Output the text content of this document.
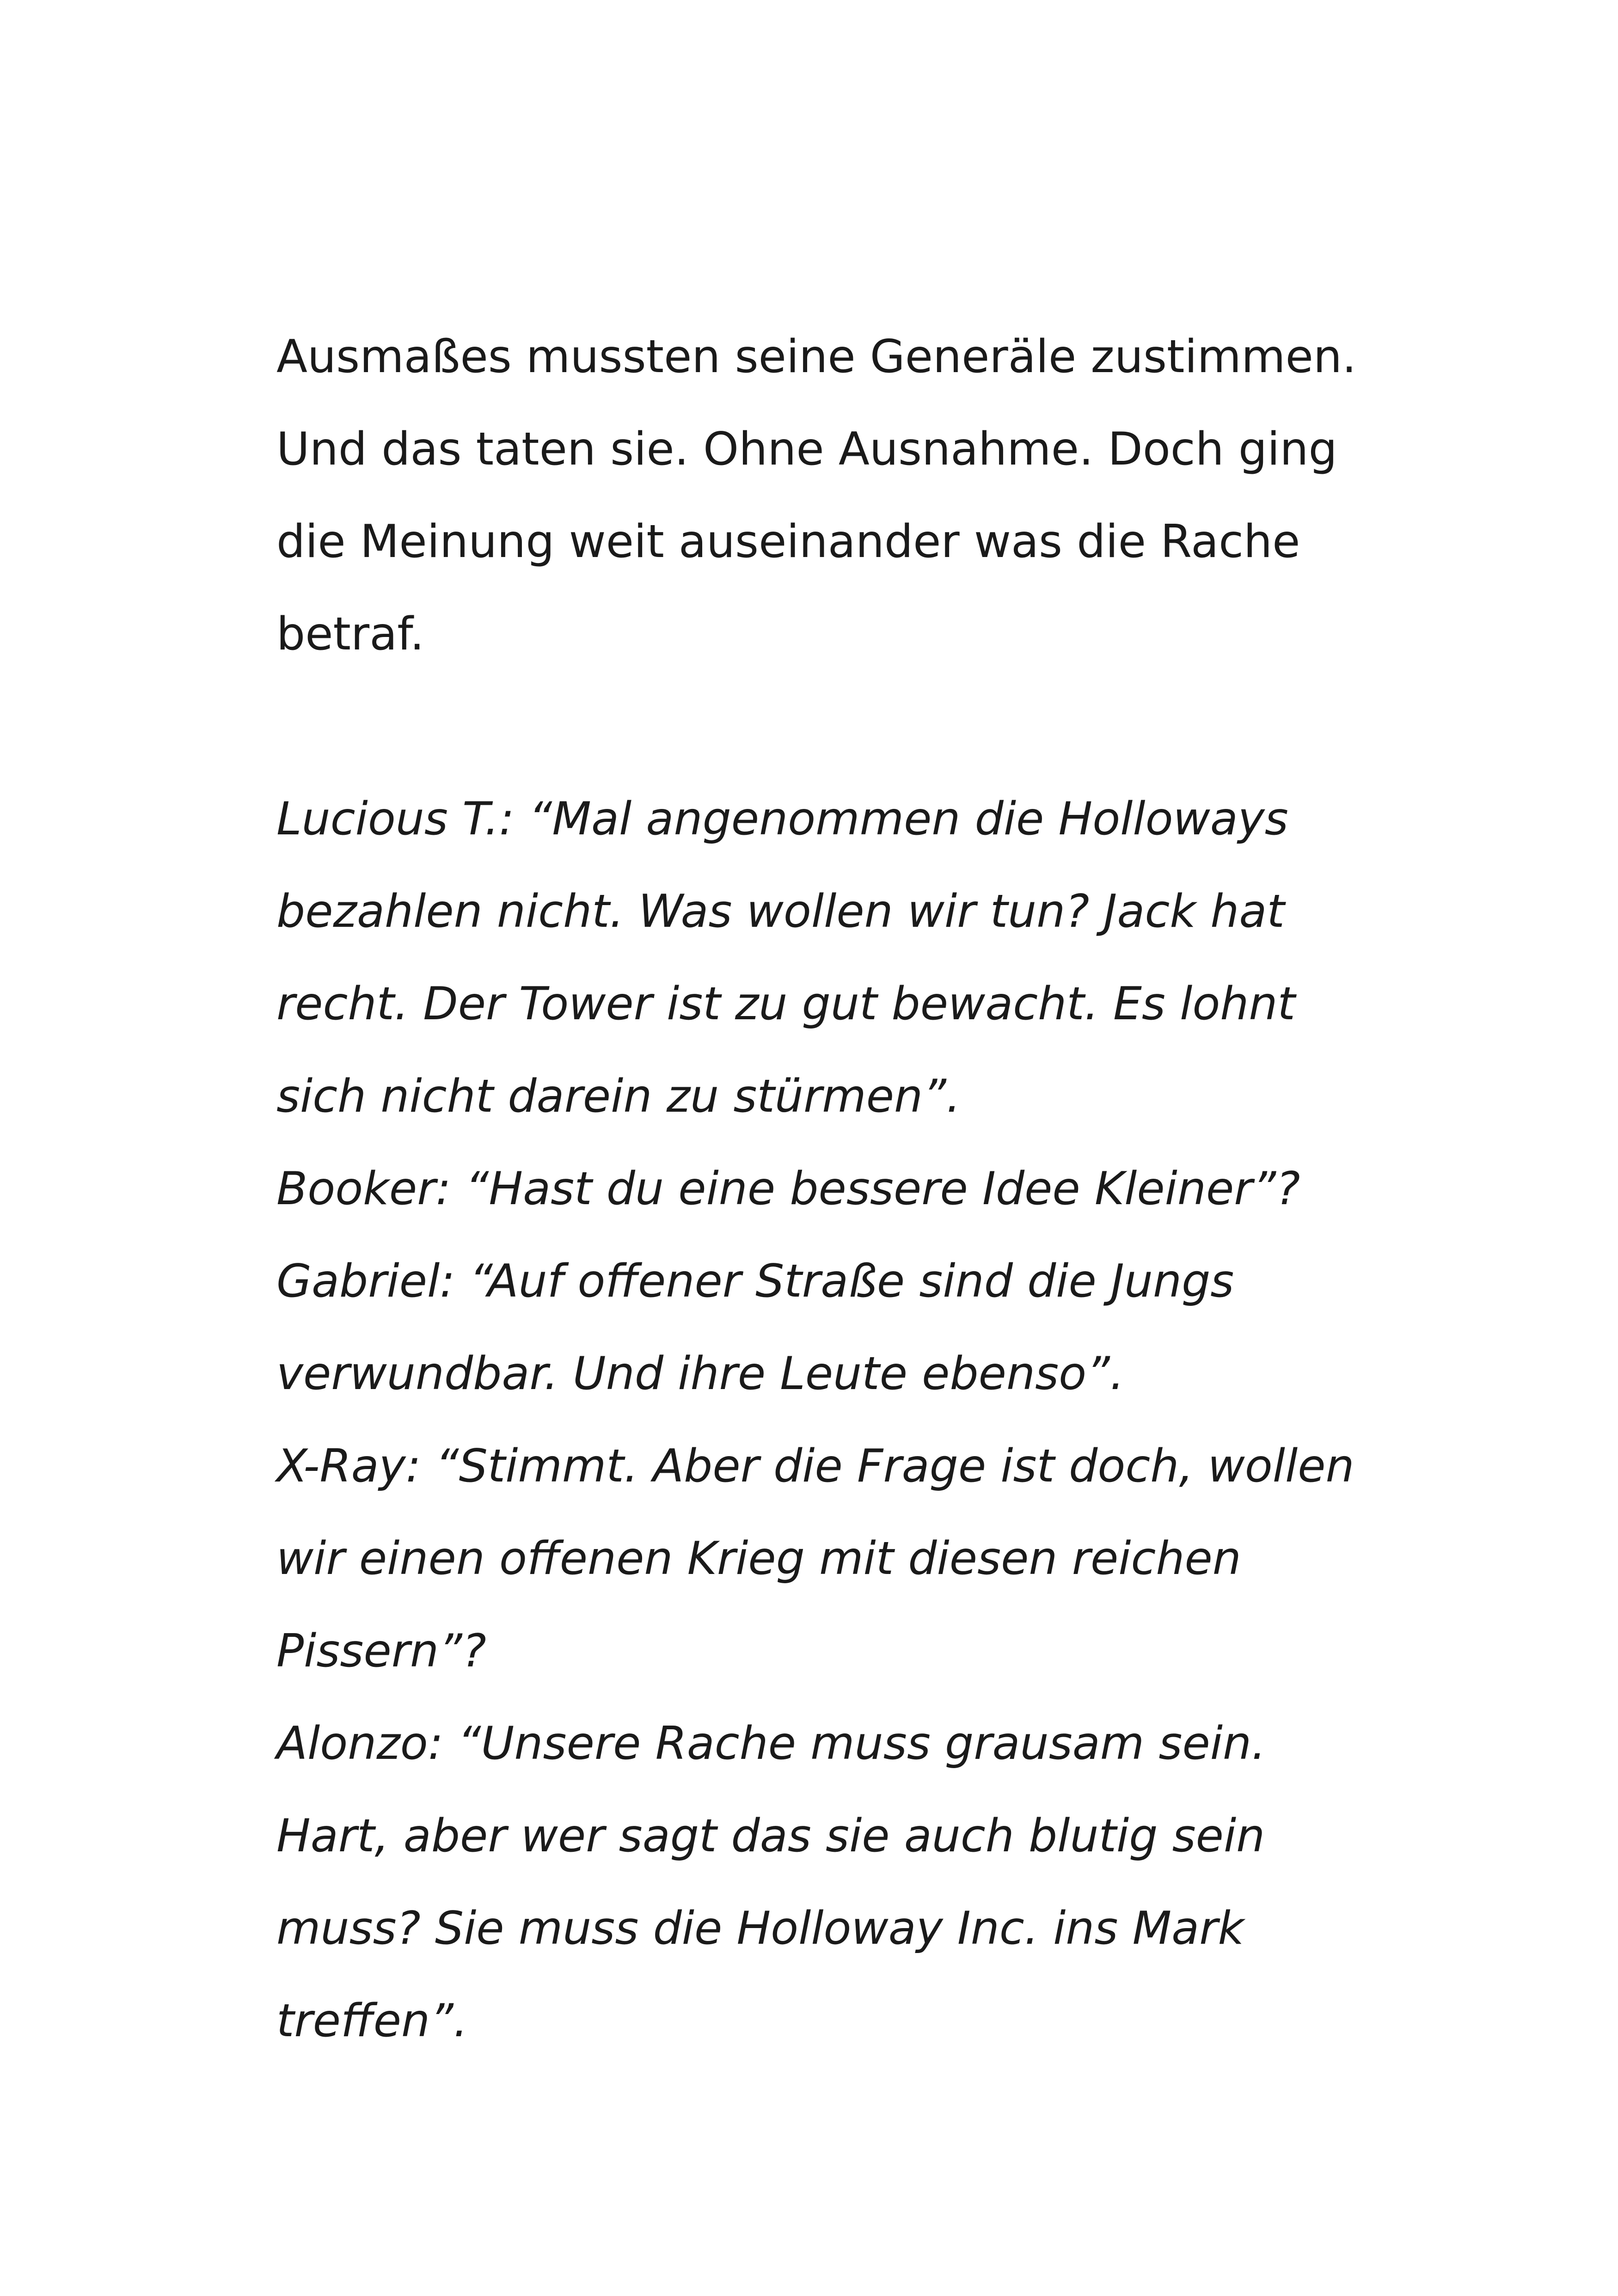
Ausmaßes mussten seine Generäle zustimmen.

Und das taten sie. Ohne Ausnahme. Doch ging

die Meinung weit auseinander was die Rache

betraf.

Lucious T.: “Mal angenommen die Holloways

bezahlen nicht. Was wollen wir tun? Jack hat

recht. Der Tower ist zu gut bewacht. Es lohnt

sich nicht darein zu stürmen”.

Booker: “Hast du eine bessere Idee Kleiner”?

Gabriel: “Auf offener Straße sind die Jungs

verwundbar. Und ihre Leute ebenso”.

X-Ray: “Stimmt. Aber die Frage ist doch, wollen

wir einen offenen Krieg mit diesen reichen

Pissern”?

Alonzo: “Unsere Rache muss grausam sein.

Hart, aber wer sagt das sie auch blutig sein

muss? Sie muss die Holloway Inc. ins Mark

treffen”.
